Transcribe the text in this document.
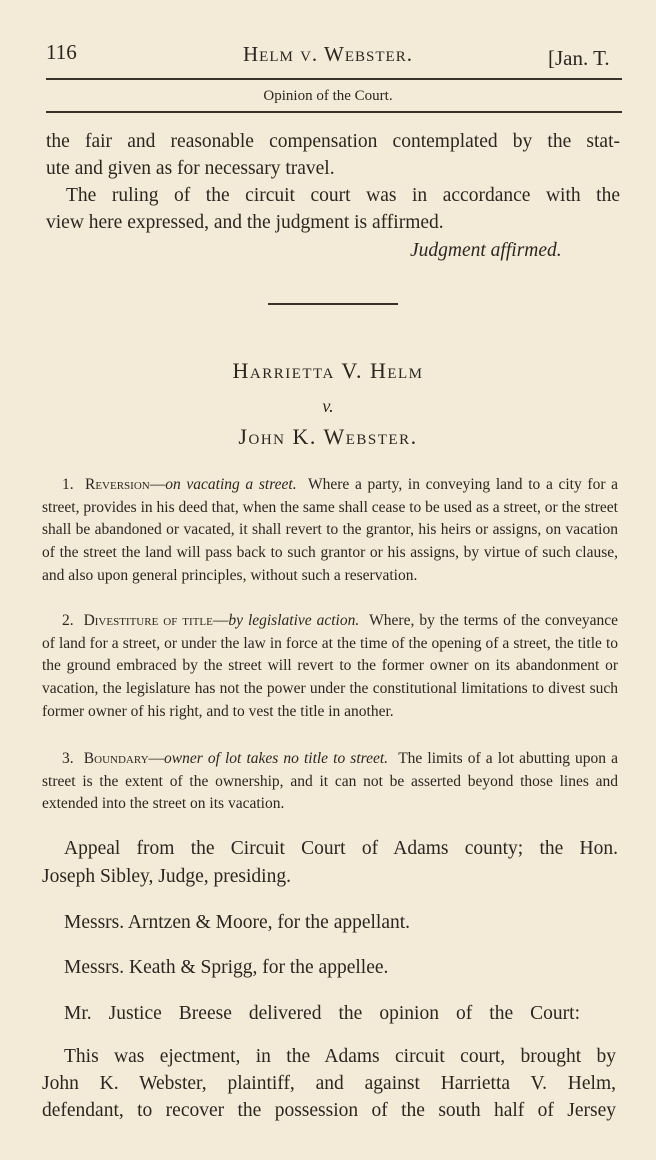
116	Helm v. Webster.	[Jan. T.
Opinion of the Court.
the fair and reasonable compensation contemplated by the stat-
ute and given as for necessary travel.
The ruling of the circuit court was in accordance with the
view here expressed, and the judgment is affirmed.
Judgment affirmed.
Harrietta V. Helm
v.
John K. Webster.

1. Reversion—on vacating a street. Where a party, in conveying land to a city for a street, provides in his deed that, when the same shall cease to be used as a street, or the street shall be abandoned or vacated, it shall revert to the grantor, his heirs or assigns, on vacation of the street the land will pass back to such grantor or his assigns, by virtue of such clause, and also upon general principles, without such a reservation.

2. Divestiture of title—by legislative action. Where, by the terms of the conveyance of land for a street, or under the law in force at the time of the opening of a street, the title to the ground embraced by the street will revert to the former owner on its abandonment or vacation, the legislature has not the power under the constitutional limitations to divest such former owner of his right, and to vest the title in another.

3. Boundary—owner of lot takes no title to street. The limits of a lot abutting upon a street is the extent of the ownership, and it can not be asserted beyond those lines and extended into the street on its vacation.

Appeal from the Circuit Court of Adams county; the Hon.
Joseph Sibley, Judge, presiding.
Messrs. Arntzen & Moore, for the appellant.
Messrs. Keath & Sprigg, for the appellee.
Mr. Justice Breese delivered the opinion of the Court:
This was ejectment, in the Adams circuit court, brought by
John K. Webster, plaintiff, and against Harrietta V. Helm,
defendant, to recover the possession of the south half of Jersey
